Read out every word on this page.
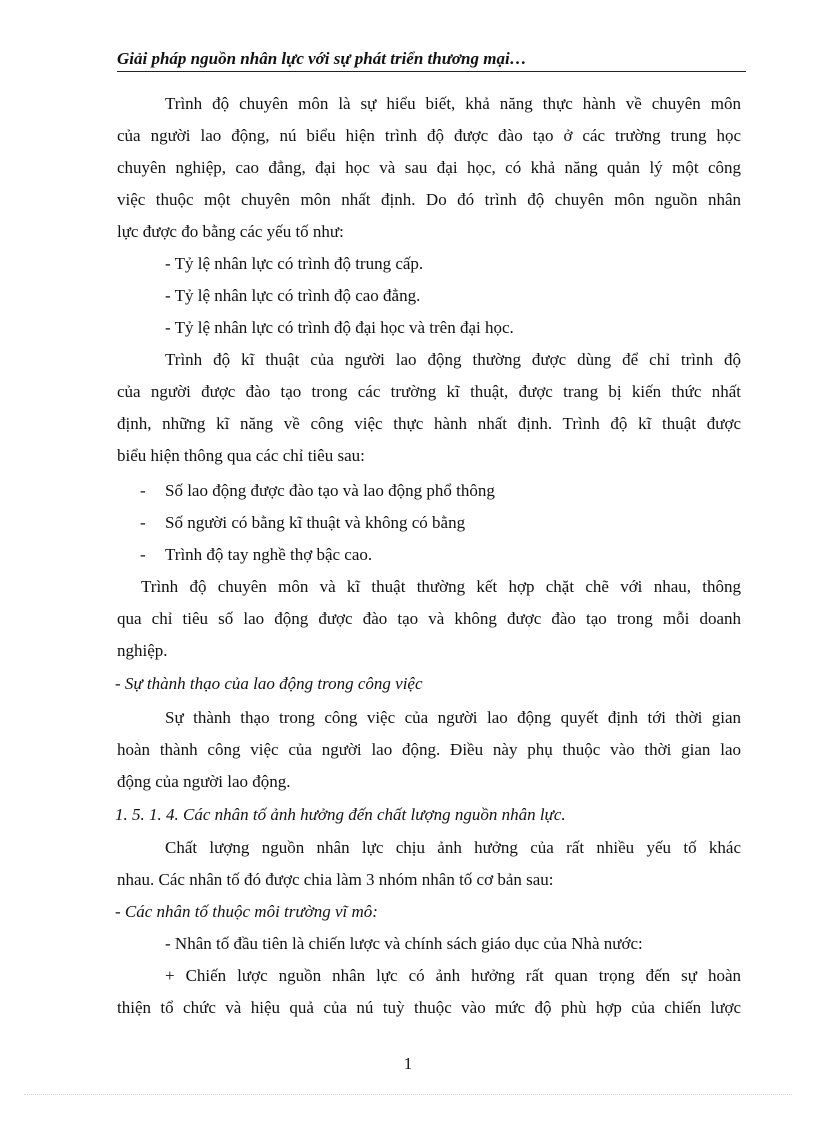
Giải pháp nguồn nhân lực với sự phát triển thương mại…
Trình độ chuyên môn là sự hiểu biết, khả năng thực hành về chuyên môn
của người lao động, nú biểu hiện trình độ được đào tạo ở các trường trung học
chuyên nghiệp, cao đẳng, đại học và sau đại học, có khả năng quản lý một công
việc thuộc một chuyên môn nhất định. Do đó trình độ chuyên môn nguồn nhân
lực được đo bằng các yếu tố như:
- Tỷ lệ nhân lực có trình độ trung cấp.
- Tỷ lệ nhân lực có trình độ cao đẳng.
- Tỷ lệ nhân lực có trình độ đại học và trên đại học.
Trình độ kĩ thuật của người lao động thường được dùng để chỉ trình độ
của người được đào tạo trong các trường kĩ thuật, được trang bị kiến thức nhất
định, những kĩ năng về công việc thực hành nhất định. Trình độ kĩ thuật được
biểu hiện thông qua các chỉ tiêu sau:
- Số lao động được đào tạo và lao động phổ thông
- Số người có bằng kĩ thuật và không có bằng
- Trình độ tay nghề thợ bậc cao.
Trình độ chuyên môn và kĩ thuật thường kết hợp chặt chẽ với nhau, thông
qua chỉ tiêu số lao động được đào tạo và không được đào tạo trong mỗi doanh
nghiệp.
- Sự thành thạo của lao động trong công việc
Sự thành thạo trong công việc của người lao động quyết định tới thời gian
hoàn thành công việc của người lao động. Điều này phụ thuộc vào thời gian lao
động của người lao động.
1. 5. 1. 4. Các nhân tố ảnh hưởng đến chất lượng nguồn nhân lực.
Chất lượng nguồn nhân lực chịu ảnh hưởng của rất nhiều yếu tố khác
nhau. Các nhân tố đó được chia làm 3 nhóm nhân tố cơ bản sau:
- Các nhân tố thuộc môi trường vĩ mô:
- Nhân tố đầu tiên là chiến lược và chính sách giáo dục của Nhà nước:
+ Chiến lược nguồn nhân lực có ảnh hưởng rất quan trọng đến sự hoàn
thiện tổ chức và hiệu quả của nú tuỳ thuộc vào mức độ phù hợp của chiến lược
1
